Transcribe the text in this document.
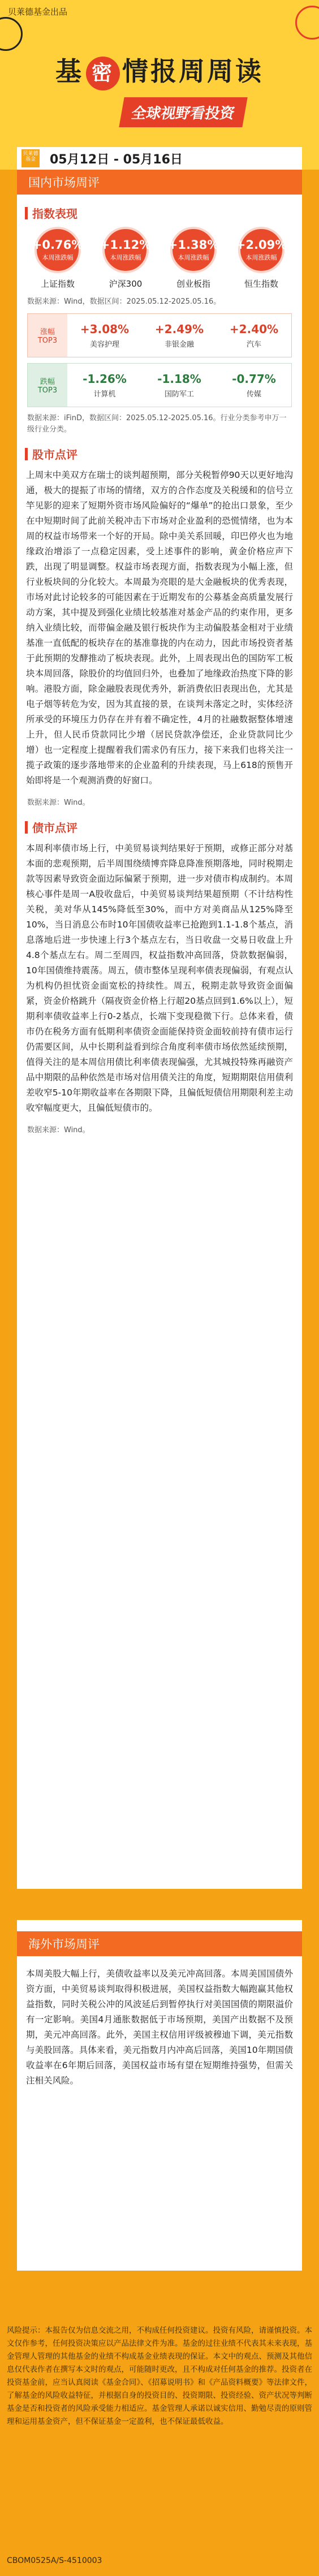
贝莱德基金出品
基 密 情报周周读
全球视野看投资
贝莱德基金	05月12日 - 05月16日
国内市场周评
指数表现
+0.76%
本周涨跌幅
上证指数
+1.12%
本周涨跌幅
沪深300
+1.38%
本周涨跌幅
创业板指
+2.09%
本周涨跌幅
恒生指数
数据来源：Wind，数据区间：2025.05.12-2025.05.16。
涨幅
TOP3
+3.08%
美容护理
+2.49%
非银金融
+2.40%
汽车
跌幅
TOP3
-1.26%
计算机
-1.18%
国防军工
-0.77%
传媒
数据来源：iFinD，数据区间：2025.05.12-2025.05.16。行业分类参考申万一级行业分类。
股市点评
上周末中美双方在瑞士的谈判超预期，部分关税暂停90天以更好地沟通，极大的提振了市场的情绪，双方的合作态度及关税缓和的信号立竿见影的迎来了短期外资市场风险偏好的“爆单”的抢出口景象，至少在中短期时间了此前关税冲击下市场对企业盈利的恐慌情绪，也为本周的权益市场带来一个好的开局。除中美关系回暖，印巴停火也为地缘政治增添了一点稳定因素，受上述事件的影响，黄金价格应声下跌，出现了明显调整。权益市场表现方面，指数表现为小幅上涨，但行业板块间的分化较大。本周最为亮眼的是大金融板块的优秀表现，市场对此讨论较多的可能因素在于近期发布的公募基金高质量发展行动方案，其中提及到强化业绩比较基准对基金产品的约束作用，更多纳入业绩比较，而带偏金融及银行板块作为主动偏股基金相对于业绩基准一直低配的板块存在的基准靠拢的内在动力，因此市场投资者基于此预期的发酵推动了板块表现。此外，上周表现出色的国防军工板块本周回落，除股价的均值回归外，也叠加了地缘政治热度下降的影响。港股方面，除金融股表现优秀外，新消费依旧表现出色，尤其是电子烟等转危为安，因为其直接的景，在谈判未落定之时，实体经济所承受的环境压力仍存在并有着不确定性，4月的社融数据整体增速上升，但人民币贷款同比少增（居民贷款净偿还，企业贷款同比少增）也一定程度上提醒着我们需求仍有压力，接下来我们也将关注一揽子政策的逐步落地带来的企业盈利的升续表现，马上618的预售开始即将是一个观测消费的好窗口。
数据来源：Wind。
债市点评
本周利率债市场上行，中美贸易谈判结果好于预期，或修正部分对基本面的悲观预期，后半周围绕绩博弈降息降准预期落地，同时税期走款等因素导致资金面边际偏紧于预期，进一步对债市构成制约。本周核心事件是周一A股收盘后，中美贸易谈判结果超预期（不计结构性关税，美对华从145%降低至30%，而中方对美商品从125%降至10%，当日消息公布时10年国债收益率已抢跑到1.1-1.8个基点，消息落地后进一步快速上行3个基点左右，当日收盘一交易日收盘上升4.8个基点左右。周二至周四，权益指数冲高回落，贷款数据偏弱，10年国债维持震荡。周五，债市整体呈现利率债表现偏弱，有观点认为机构仍担忧资金面宽松的持续性。周五，税期走款导致资金面偏紧，资金价格跳升（隔夜资金价格上行超20基点回到1.6%以上），短期利率债收益率上行0-2基点，长端下变现稳微下行。总体来看，债市仍在税务方面有低期利率债资金面能保持资金面较前持有债市运行仍需要区间，从中长期利益看到综合角度利率债市场依然延续预期，值得关注的是本周信用债比利率债表现偏强，尤其城投特殊再融资产品中期限的品种依然是市场对信用债关注的角度，短期期限信用债利差收窄5-10年期收益率在各期限下降，且偏低短债信用期限利差主动收窄幅度更大，且偏低短债市的。
数据来源：Wind。
海外市场周评
本周美股大幅上行，美债收益率以及美元冲高回落。本周美国国债外资方面，中美贸易谈判取得积极进展，美国权益指数大幅跑赢其他权益指数，同时关税公冲的风波延后到暂停执行对美国国债的期限溢价有一定影响。美国4月通胀数据低于市场预期，美国产出数据不及预期，美元冲高回落。此外，美国主权信用评级被穆迪下调，美元指数与美股回落。具体来看，美元指数月内冲高后回落，美国10年期国债收益率在6年期后回落，美国权益市场有望在短期维持强势，但需关注相关风险。
风险提示：本报告仅为信息交流之用，不构成任何投资建议。投资有风险，请谨慎投资。本文仅作参考，任何投资决策应以产品法律文件为准。基金的过往业绩不代表其未来表现，基金管理人管理的其他基金的业绩不构成基金业绩表现的保证。本文中的观点、预测及其他信息仅代表作者在撰写本文时的观点，可能随时更改，且不构成对任何基金的推荐。投资者在投资基金前，应当认真阅读《基金合同》、《招募说明书》和《产品资料概要》等法律文件，了解基金的风险收益特征，并根据自身的投资目的、投资期限、投资经验、资产状况等判断基金是否和投资者的风险承受能力相适应。基金管理人承诺以诚实信用、勤勉尽责的原则管理和运用基金资产，但不保证基金一定盈利，也不保证最低收益。
CBOM0525A/S-4510003
